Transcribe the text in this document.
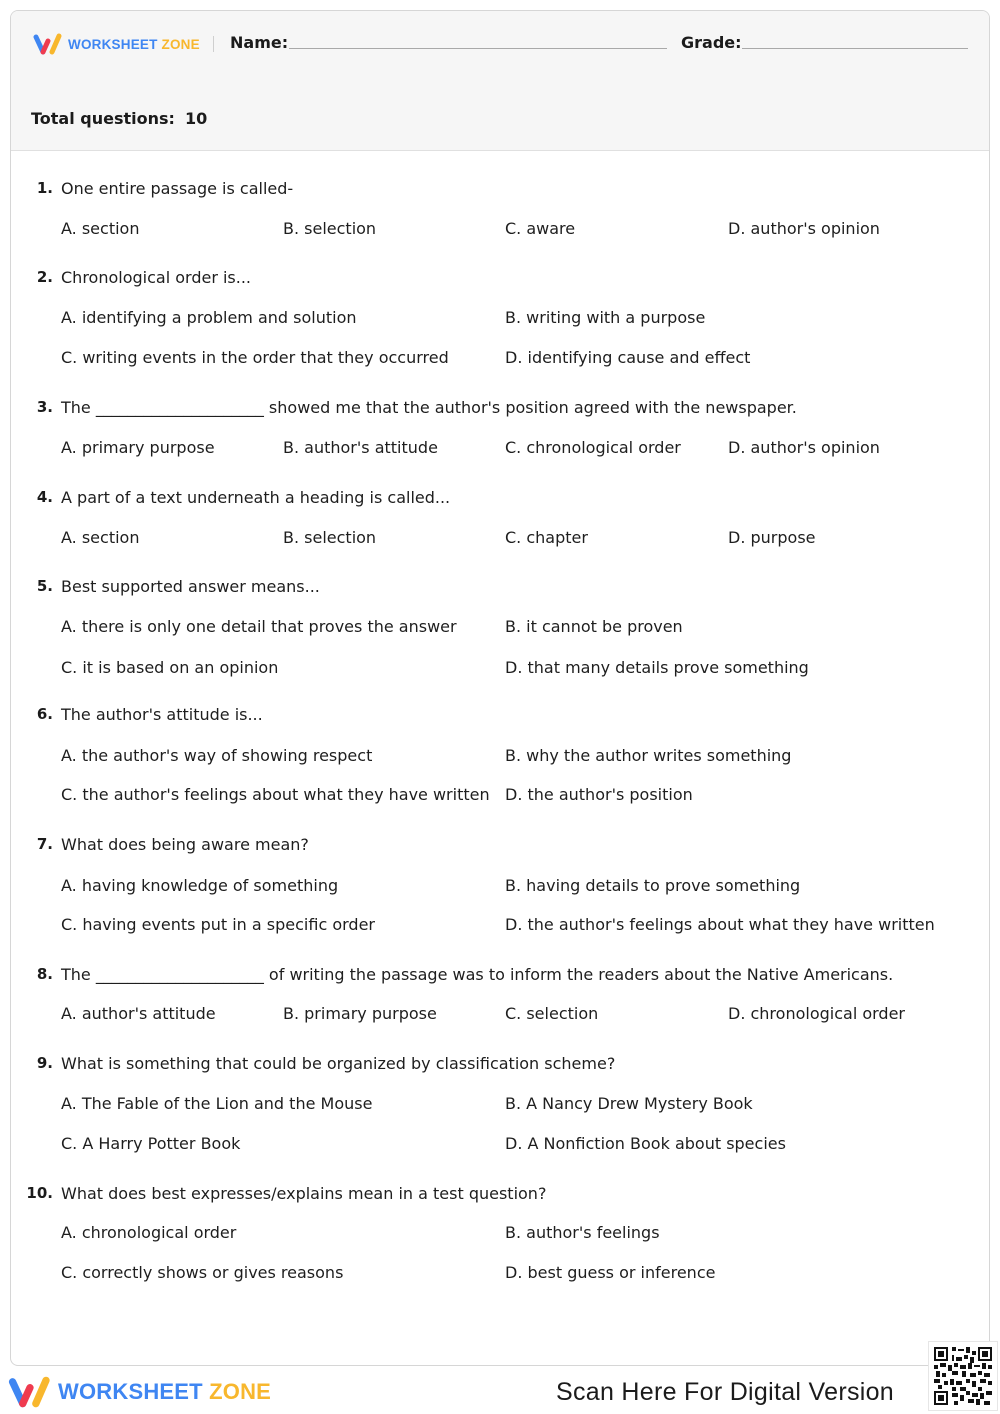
WORKSHEET ZONE Name:	Grade:
Total questions: 10
1. One entire passage is called-
A. section	B. selection	C. aware	D. author's opinion
2. Chronological order is...
A. identifying a problem and solution	B. writing with a purpose
C. writing events in the order that they occurred	D. identifying cause and effect
3. The _____________________ showed me that the author's position agreed with the newspaper.
A. primary purpose	B. author's attitude	C. chronological order	D. author's opinion
4. A part of a text underneath a heading is called...
A. section	B. selection	C. chapter	D. purpose
5. Best supported answer means...
A. there is only one detail that proves the answer	B. it cannot be proven
C. it is based on an opinion	D. that many details prove something
6. The author's attitude is...
A. the author's way of showing respect	B. why the author writes something
C. the author's feelings about what they have written D. the author's position
7. What does being aware mean?
A. having knowledge of something	B. having details to prove something
C. having events put in a specific order	D. the author's feelings about what they have written
8. The _____________________ of writing the passage was to inform the readers about the Native Americans.
A. author's attitude	B. primary purpose	C. selection	D. chronological order
9. What is something that could be organized by classification scheme?
A. The Fable of the Lion and the Mouse	B. A Nancy Drew Mystery Book
C. A Harry Potter Book	D. A Nonfiction Book about species
10. What does best expresses/explains mean in a test question?
A. chronological order	B. author's feelings
C. correctly shows or gives reasons	D. best guess or inference
WORKSHEET ZONE	Scan Here For Digital Version
